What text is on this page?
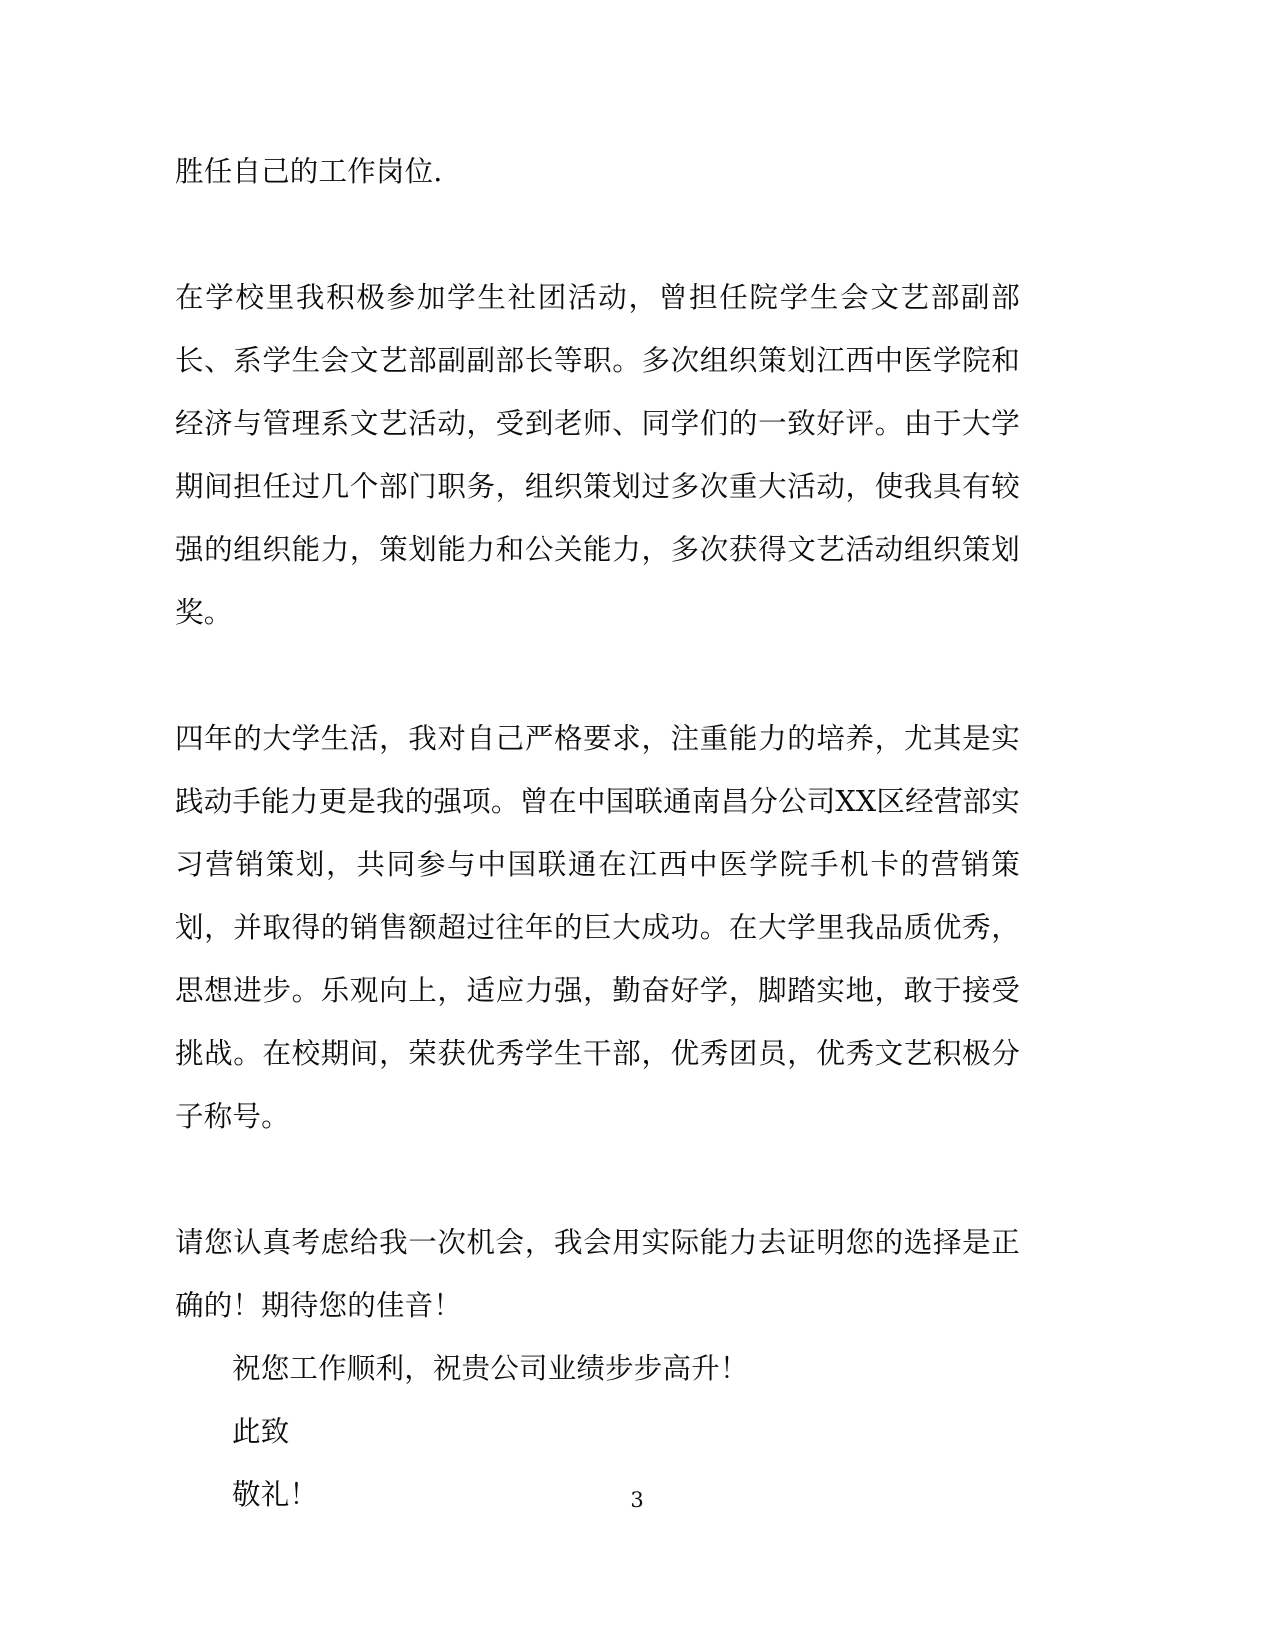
胜任自己的工作岗位.

在学校里我积极参加学生社团活动，曾担任院学生会文艺部副部长、系学生会文艺部副副部长等职。多次组织策划江西中医学院和经济与管理系文艺活动，受到老师、同学们的一致好评。由于大学期间担任过几个部门职务，组织策划过多次重大活动，使我具有较强的组织能力，策划能力和公关能力，多次获得文艺活动组织策划奖。

四年的大学生活，我对自己严格要求，注重能力的培养，尤其是实践动手能力更是我的强项。曾在中国联通南昌分公司XX区经营部实习营销策划，共同参与中国联通在江西中医学院手机卡的营销策划，并取得的销售额超过往年的巨大成功。在大学里我品质优秀，思想进步。乐观向上，适应力强，勤奋好学，脚踏实地，敢于接受挑战。在校期间，荣获优秀学生干部，优秀团员，优秀文艺积极分子称号。

请您认真考虑给我一次机会，我会用实际能力去证明您的选择是正确的！期待您的佳音！

祝您工作顺利，祝贵公司业绩步步高升！

此致

敬礼！	3
